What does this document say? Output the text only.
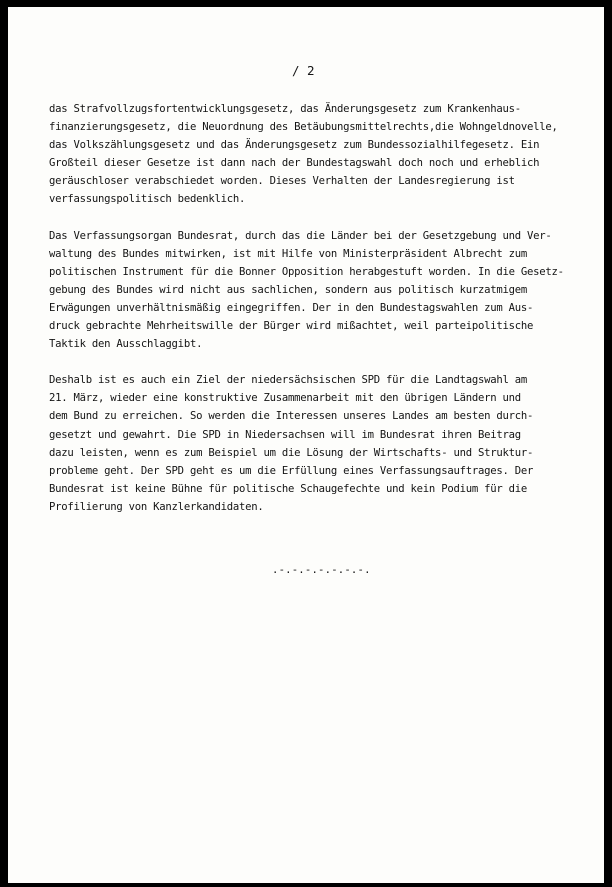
/ 2
das Strafvollzugsfortentwicklungsgesetz, das Änderungsgesetz zum Krankenhaus-
finanzierungsgesetz, die Neuordnung des Betäubungsmittelrechts,die Wohngeldnovelle,
das Volkszählungsgesetz und das Änderungsgesetz zum Bundessozialhilfegesetz. Ein
Großteil dieser Gesetze ist dann nach der Bundestagswahl doch noch und erheblich
geräuschloser verabschiedet worden. Dieses Verhalten der Landesregierung ist
verfassungspolitisch bedenklich.
Das Verfassungsorgan Bundesrat, durch das die Länder bei der Gesetzgebung und Ver-
waltung des Bundes mitwirken, ist mit Hilfe von Ministerpräsident Albrecht zum
politischen Instrument für die Bonner Opposition herabgestuft worden. In die Gesetz-
gebung des Bundes wird nicht aus sachlichen, sondern aus politisch kurzatmigem
Erwägungen unverhältnismäßig eingegriffen. Der in den Bundestagswahlen zum Aus-
druck gebrachte Mehrheitswille der Bürger wird mißachtet, weil parteipolitische
Taktik den Ausschlaggibt.
Deshalb ist es auch ein Ziel der niedersächsischen SPD für die Landtagswahl am
21. März, wieder eine konstruktive Zusammenarbeit mit den übrigen Ländern und
dem Bund zu erreichen. So werden die Interessen unseres Landes am besten durch-
gesetzt und gewahrt. Die SPD in Niedersachsen will im Bundesrat ihren Beitrag
dazu leisten, wenn es zum Beispiel um die Lösung der Wirtschafts- und Struktur-
probleme geht. Der SPD geht es um die Erfüllung eines Verfassungsauftrages. Der
Bundesrat ist keine Bühne für politische Schaugefechte und kein Podium für die
Profilierung von Kanzlerkandidaten.
.-.-.-.-.-.-.-.
